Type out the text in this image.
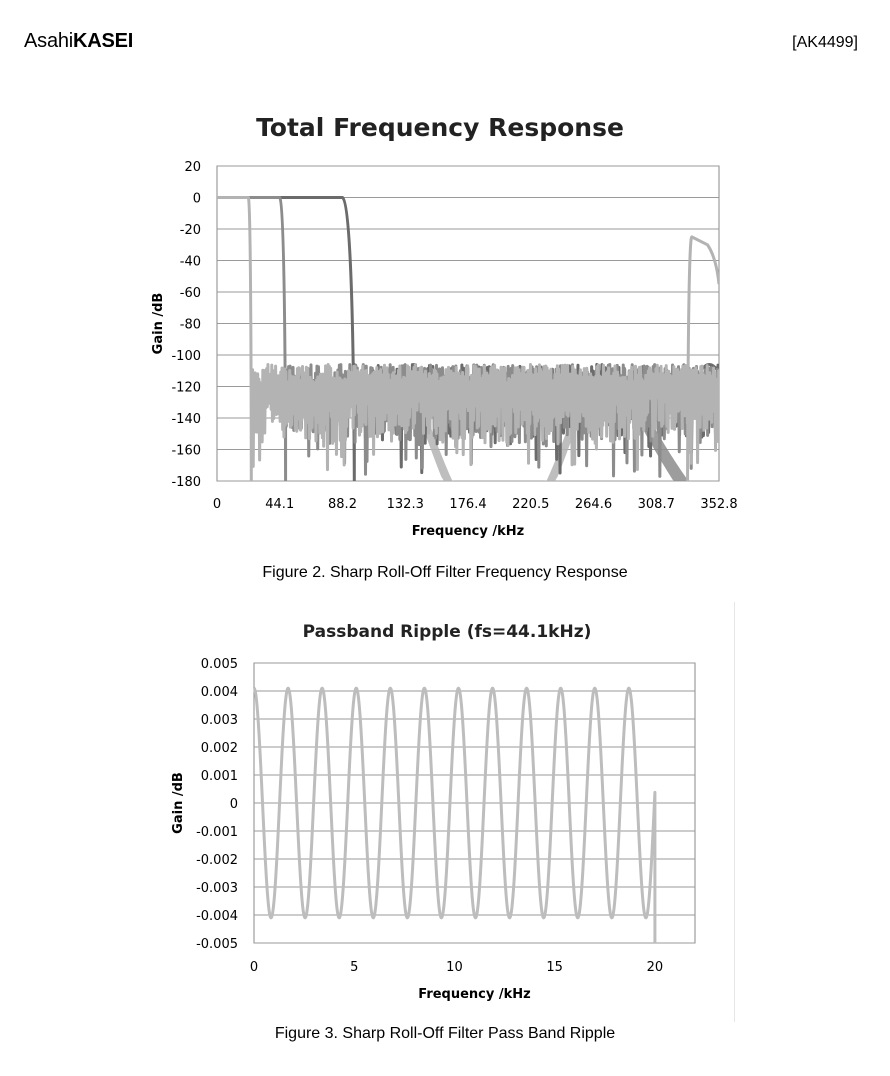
AsahiKASEI	[AK4499]
Total Frequency Response
20
0
-20
-40
-60
-80
-100
-120
-140
-160
-180
0	44.1	88.2 132.3 176.4 220.5 264.6 308.7 352.8
Frequency /kHz
Gain /dB
Passband Ripple (fs=44.1kHz)
0.005
0.004
0.003
0.002
0.001
0
-0.001
-0.002
-0.003
-0.004
-0.005
0	5	10	15	20
Frequency /kHz
Gain /dB
Figure 2. Sharp Roll-Off Filter Frequency Response
Figure 3. Sharp Roll-Off Filter Pass Band Ripple
